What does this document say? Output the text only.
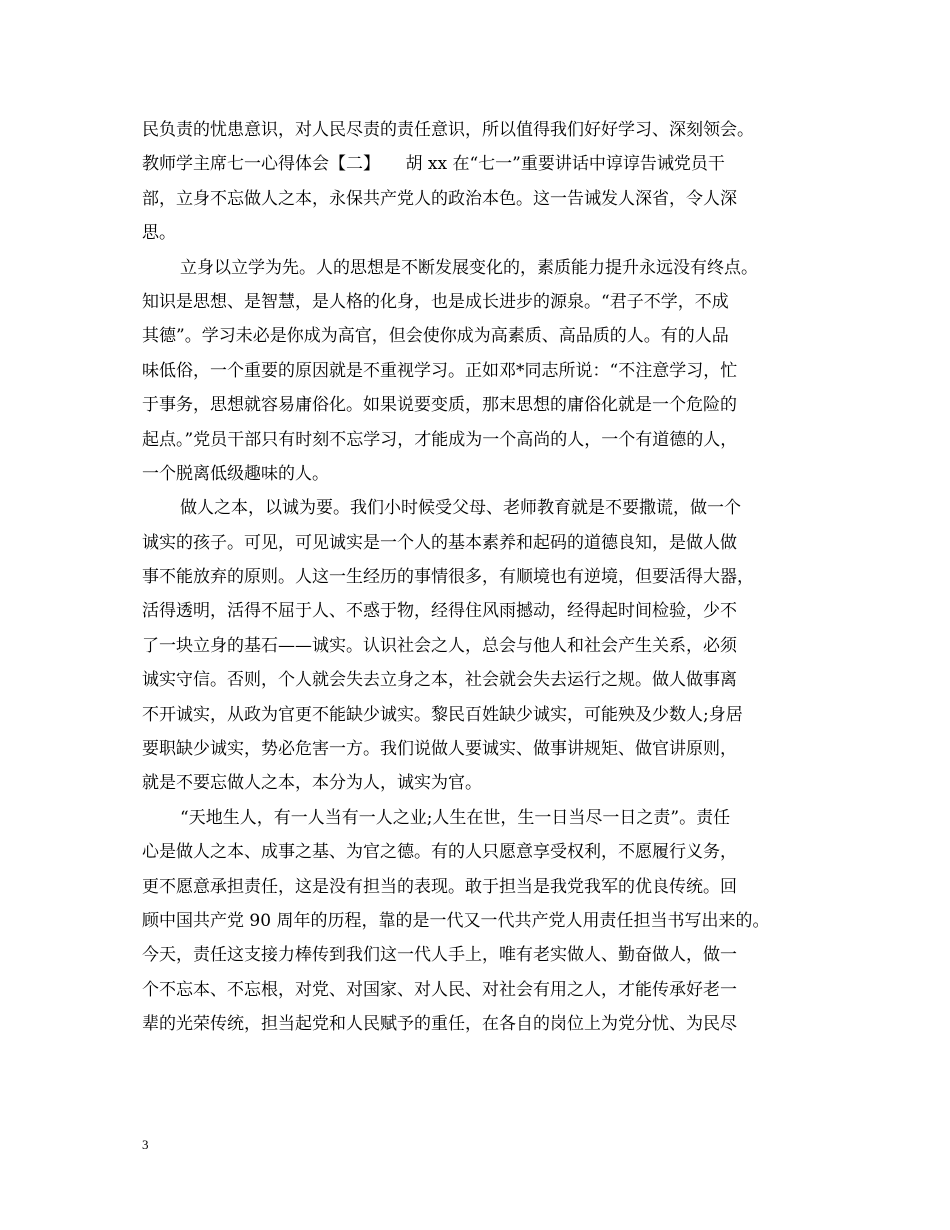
民负责的忧患意识，对人民尽责的责任意识，所以值得我们好好学习、深刻领会。
教师学主席七一心得体会【二】　　胡 xx 在“七一”重要讲话中谆谆告诫党员干
部，立身不忘做人之本，永保共产党人的政治本色。这一告诫发人深省，令人深
思。
立身以立学为先。人的思想是不断发展变化的，素质能力提升永远没有终点。
知识是思想、是智慧，是人格的化身，也是成长进步的源泉。“君子不学，不成
其德”。学习未必是你成为高官，但会使你成为高素质、高品质的人。有的人品
味低俗，一个重要的原因就是不重视学习。正如邓*同志所说：“不注意学习，忙
于事务，思想就容易庸俗化。如果说要变质，那末思想的庸俗化就是一个危险的
起点。”党员干部只有时刻不忘学习，才能成为一个高尚的人，一个有道德的人，
一个脱离低级趣味的人。
做人之本，以诚为要。我们小时候受父母、老师教育就是不要撒谎，做一个
诚实的孩子。可见，可见诚实是一个人的基本素养和起码的道德良知，是做人做
事不能放弃的原则。人这一生经历的事情很多，有顺境也有逆境，但要活得大器，
活得透明，活得不屈于人、不惑于物，经得住风雨撼动，经得起时间检验，少不
了一块立身的基石——诚实。认识社会之人，总会与他人和社会产生关系，必须
诚实守信。否则，个人就会失去立身之本，社会就会失去运行之规。做人做事离
不开诚实，从政为官更不能缺少诚实。黎民百姓缺少诚实，可能殃及少数人;身居
要职缺少诚实，势必危害一方。我们说做人要诚实、做事讲规矩、做官讲原则，
就是不要忘做人之本，本分为人，诚实为官。
“天地生人，有一人当有一人之业;人生在世，生一日当尽一日之责”。责任
心是做人之本、成事之基、为官之德。有的人只愿意享受权利，不愿履行义务，
更不愿意承担责任，这是没有担当的表现。敢于担当是我党我军的优良传统。回
顾中国共产党 90 周年的历程，靠的是一代又一代共产党人用责任担当书写出来的。
今天，责任这支接力棒传到我们这一代人手上，唯有老实做人、勤奋做人，做一
个不忘本、不忘根，对党、对国家、对人民、对社会有用之人，才能传承好老一
辈的光荣传统，担当起党和人民赋予的重任，在各自的岗位上为党分忧、为民尽
3
